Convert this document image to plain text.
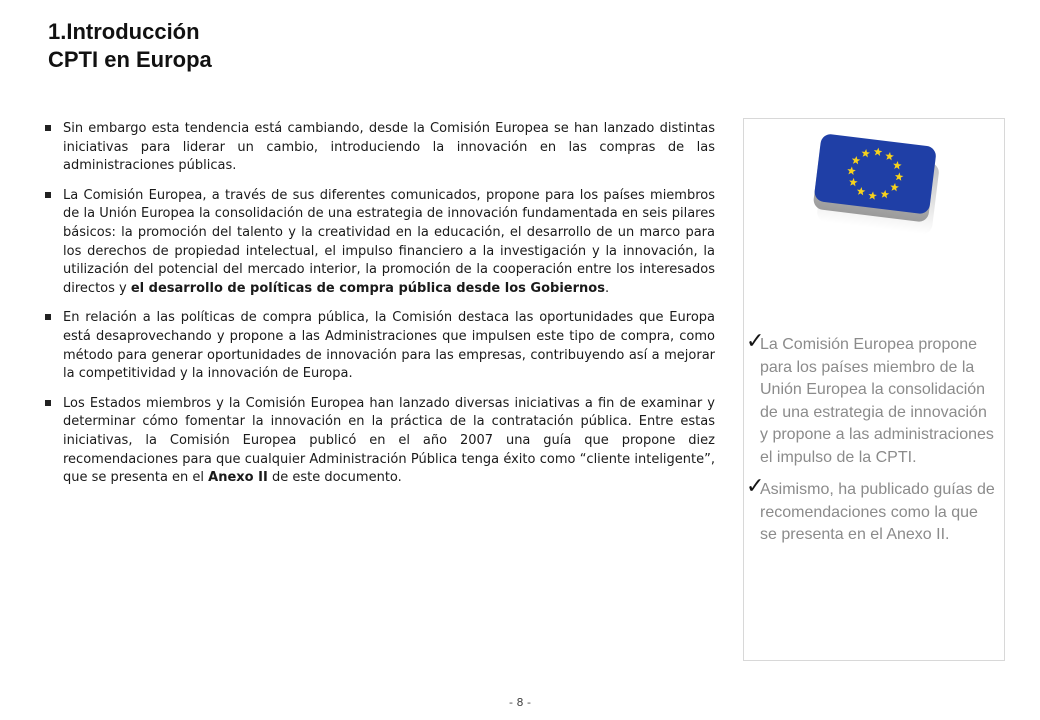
1.Introducción
CPTI en Europa
Sin embargo esta tendencia está cambiando, desde la Comisión Europea se han lanzado distintas iniciativas para liderar un cambio, introduciendo la innovación en las compras de las administraciones públicas.
La Comisión Europea, a través de sus diferentes comunicados, propone para los países miembros de la Unión Europea la consolidación de una estrategia de innovación fundamentada en seis pilares básicos: la promoción del talento y la creatividad en la educación, el desarrollo de un marco para los derechos de propiedad intelectual, el impulso financiero a la investigación y la innovación, la utilización del potencial del mercado interior, la promoción de la cooperación entre los interesados directos y el desarrollo de políticas de compra pública desde los Gobiernos.
En relación a las políticas de compra pública, la Comisión destaca las oportunidades que Europa está desaprovechando y propone a las Administraciones que impulsen este tipo de compra, como método para generar oportunidades de innovación para las empresas, contribuyendo así a mejorar la competitividad y la innovación de Europa.
Los Estados miembros y la Comisión Europea han lanzado diversas iniciativas a fin de examinar y determinar cómo fomentar la innovación en la práctica de la contratación pública. Entre estas iniciativas, la Comisión Europea publicó en el año 2007 una guía que propone diez recomendaciones para que cualquier Administración Pública tenga éxito como “cliente inteligente”, que se presenta en el Anexo II de este documento.
✓
La Comisión Europea propone para los países miembro de la Unión Europea la consolidación de una estrategia de innovación y propone a las administraciones el impulso de la CPTI.
✓
Asimismo, ha publicado guías de recomendaciones como la que se presenta en el Anexo II.
- 8 -
